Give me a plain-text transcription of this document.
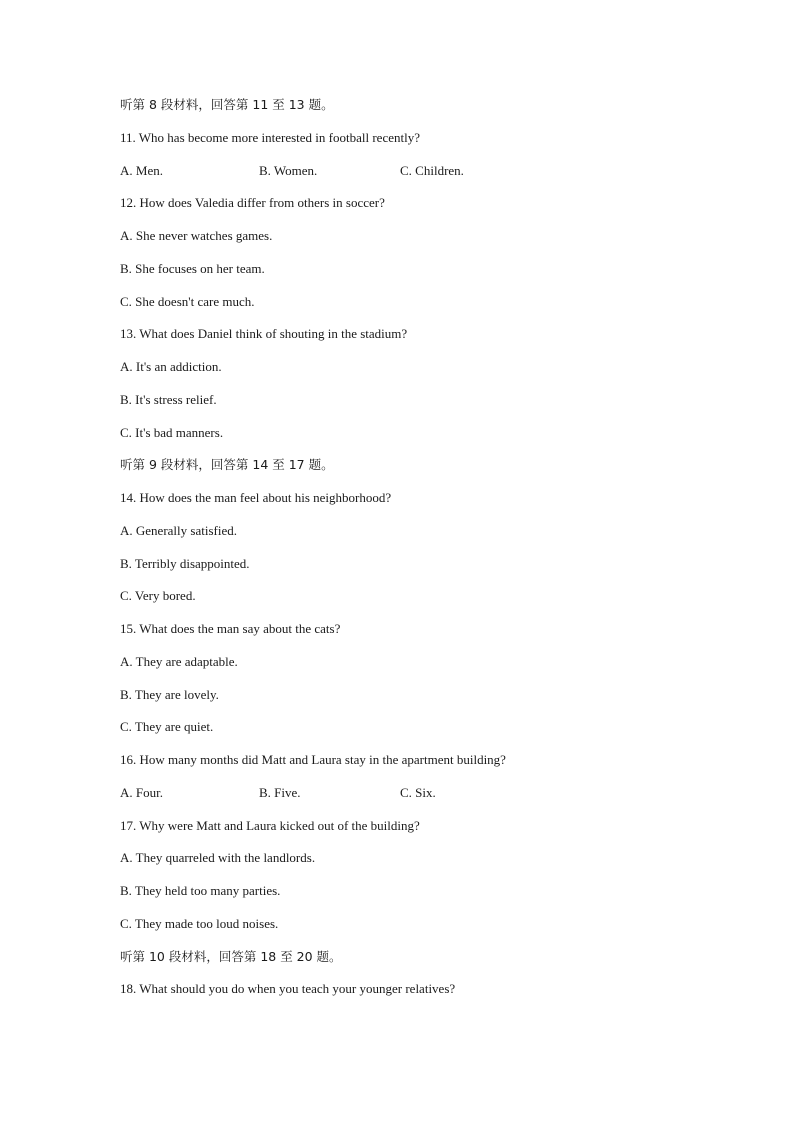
听第 8 段材料，回答第 11 至 13 题。
11. Who has become more interested in football recently?
A. Men.	B. Women.	C. Children.
12. How does Valedia differ from others in soccer?
A. She never watches games.
B. She focuses on her team.
C. She doesn't care much.
13. What does Daniel think of shouting in the stadium?
A. It's an addiction.
B. It's stress relief.
C. It's bad manners.
听第 9 段材料，回答第 14 至 17 题。
14. How does the man feel about his neighborhood?
A. Generally satisfied.
B. Terribly disappointed.
C. Very bored.
15. What does the man say about the cats?
A. They are adaptable.
B. They are lovely.
C. They are quiet.
16. How many months did Matt and Laura stay in the apartment building?
A. Four.	B. Five.	C. Six.
17. Why were Matt and Laura kicked out of the building?
A. They quarreled with the landlords.
B. They held too many parties.
C. They made too loud noises.
听第 10 段材料，回答第 18 至 20 题。
18. What should you do when you teach your younger relatives?
